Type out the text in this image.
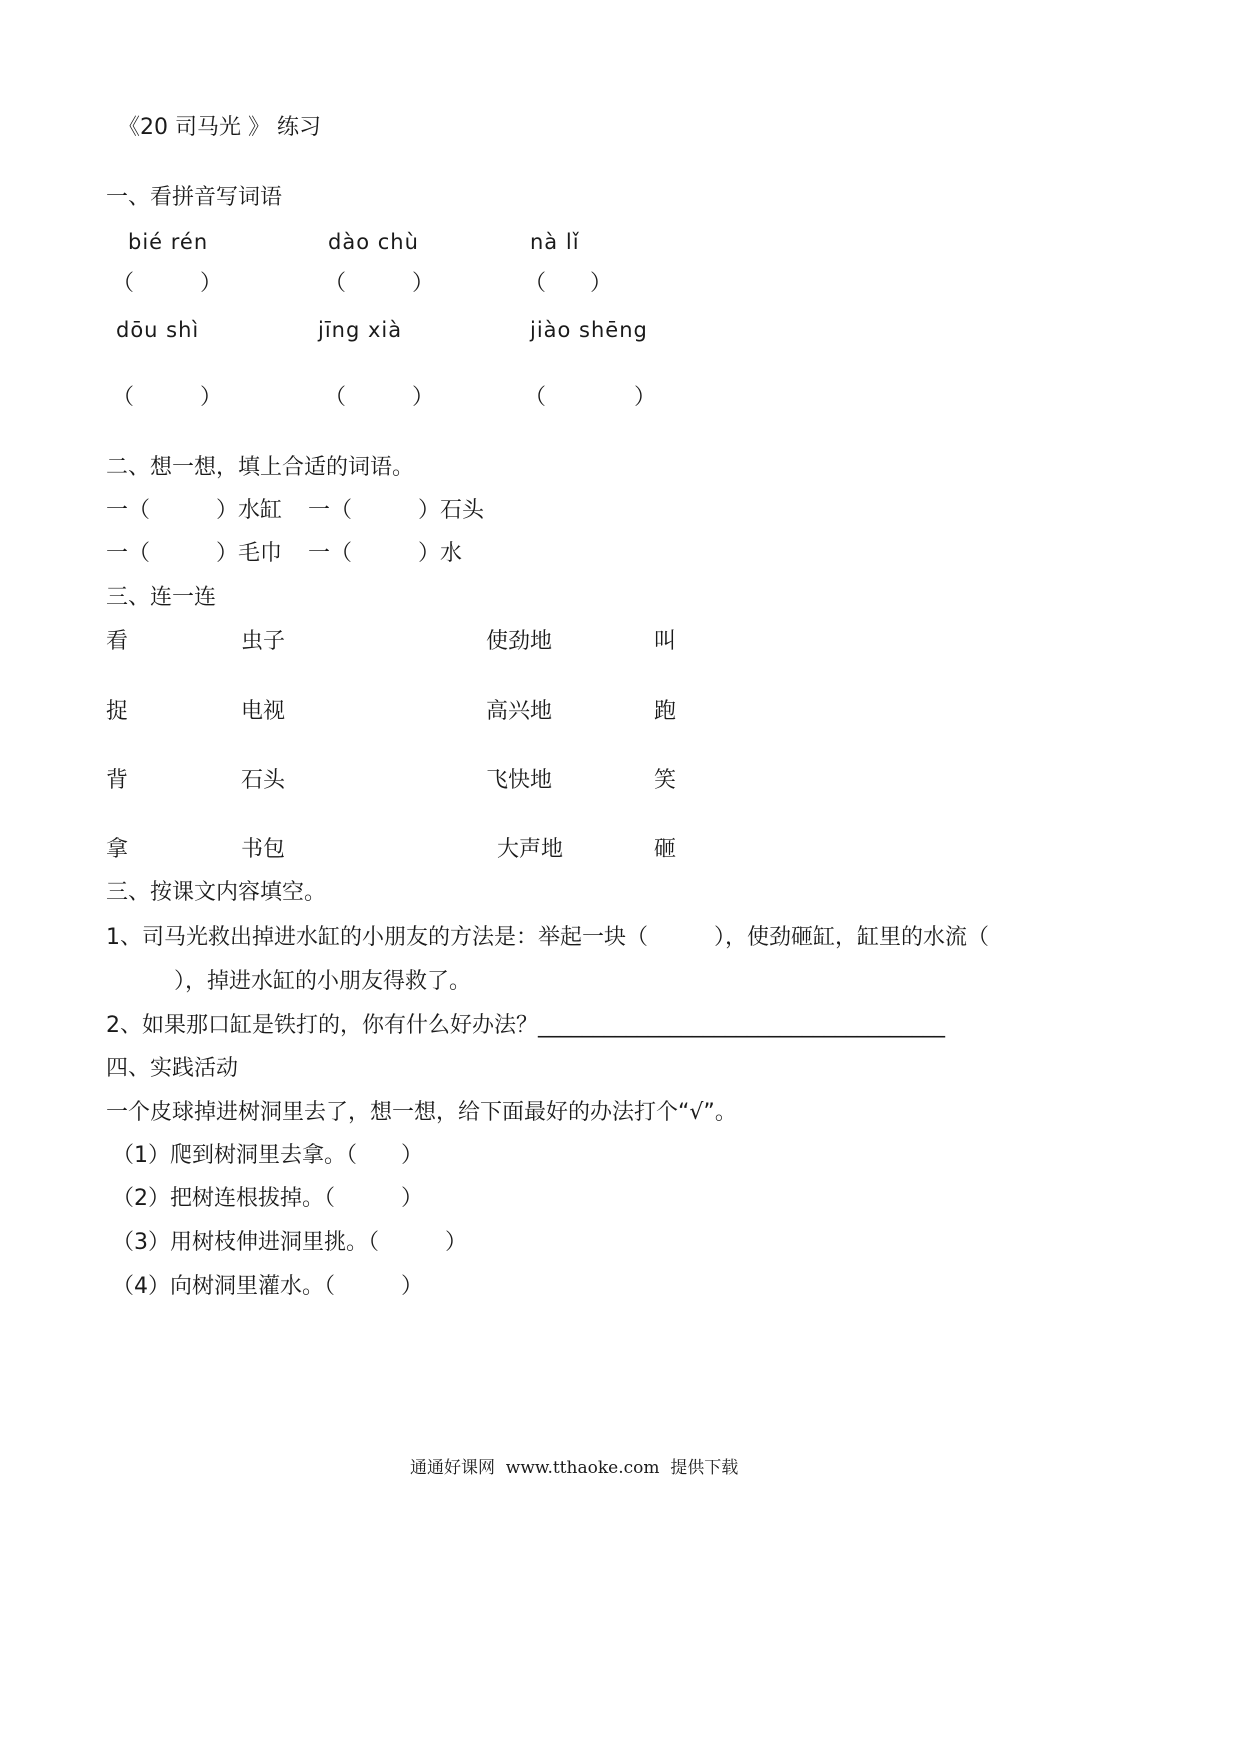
《20 司马光 》 练习
一、看拼音写词语
bié rén	dào chù	nà lǐ
（　　　）	（　　　）	（　　）
dōu shì	jīng xià	jiào shēng
（　　　）	（　　　）	（　　　　）
二、想一想，填上合适的词语。
一（　　　）水缸 一（　　　）石头
一（　　　）毛巾 一（　　　）水
三、连一连
看	虫子	使劲地	叫
捉	电视	高兴地	跑
背	石头	飞快地	笑
拿	书包	大声地	砸
三、按课文内容填空。
1、司马光救出掉进水缸的小朋友的方法是：举起一块（　　　），使劲砸缸，缸里的水流（
），掉进水缸的小朋友得救了。
2、如果那口缸是铁打的，你有什么好办法？_____________________________________
四、实践活动
一个皮球掉进树洞里去了，想一想，给下面最好的办法打个“√”。
（1）爬到树洞里去拿。（　　）
（2）把树连根拔掉。（　　　）
（3）用树枝伸进洞里挑。（　　　）
（4）向树洞里灌水。（　　　）
通通好课网  www.tthaoke.com  提供下载
